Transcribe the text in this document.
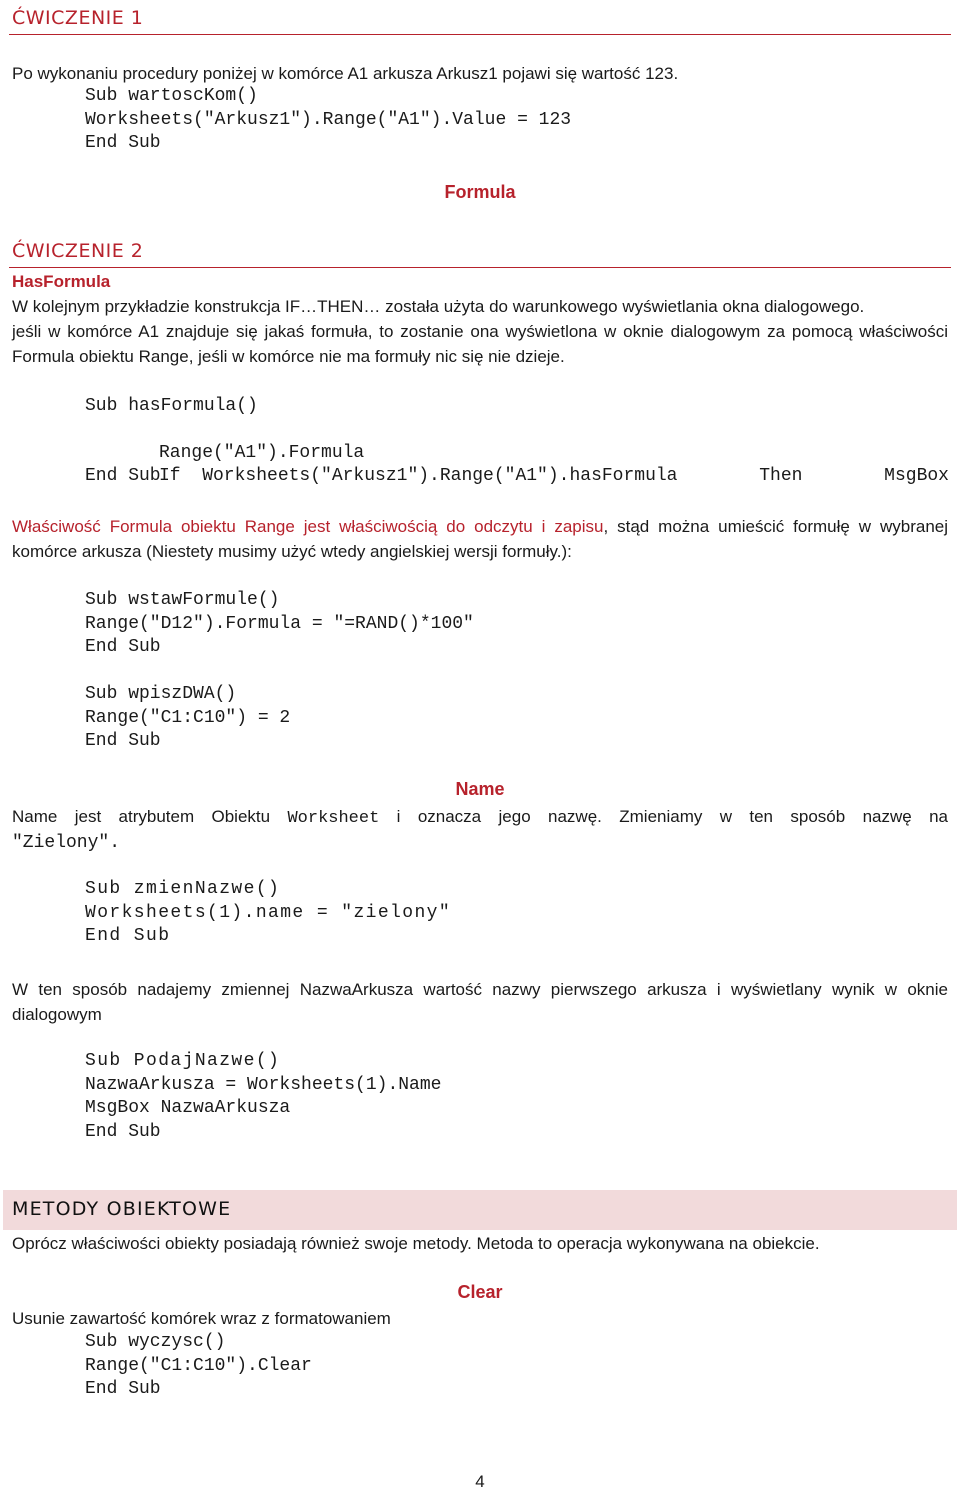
ĆWICZENIE 1
Po wykonaniu procedury poniżej w komórce A1 arkusza Arkusz1 pojawi się wartość 123.
Sub wartoscKom()
Worksheets("Arkusz1").Range("A1").Value = 123
End Sub
Formula
ĆWICZENIE 2
HasFormula
W kolejnym przykładzie konstrukcja IF…THEN… została użyta do warunkowego wyświetlania okna dialogowego.
jeśli w komórce A1 znajduje się jakaś formuła, to zostanie ona wyświetlona w oknie dialogowym za pomocą właściwości Formula obiektu Range, jeśli w komórce nie ma formuły nic się nie dzieje.
Sub hasFormula()

If  Worksheets("Arkusz1").Range("A1").hasFormula	Then	MsgBox

Range("A1").Formula
End Sub
Właściwość Formula obiektu Range jest właściwością do odczytu i zapisu, stąd można umieścić formułę w wybranej komórce arkusza (Niestety musimy użyć wtedy angielskiej wersji formuły.):
Sub wstawFormule()
Range("D12").Formula = "=RAND()*100"
End Sub
Sub wpiszDWA()
Range("C1:C10") = 2
End Sub
Name
Name jest atrybutem Obiektu Worksheet i oznacza jego nazwę. Zmieniamy w ten sposób nazwę na
"Zielony".
Sub zmienNazwe()
Worksheets(1).name = "zielony"
End Sub
W ten sposób nadajemy zmiennej NazwaArkusza wartość nazwy pierwszego arkusza i wyświetlany wynik w oknie dialogowym
Sub PodajNazwe()
NazwaArkusza = Worksheets(1).Name
MsgBox NazwaArkusza
End Sub
METODY OBIEKTOWE
Oprócz właściwości obiekty posiadają również swoje metody. Metoda to operacja wykonywana na obiekcie.
Clear
Usunie zawartość komórek wraz z formatowaniem
Sub wyczysc()
Range("C1:C10").Clear
End Sub
4
